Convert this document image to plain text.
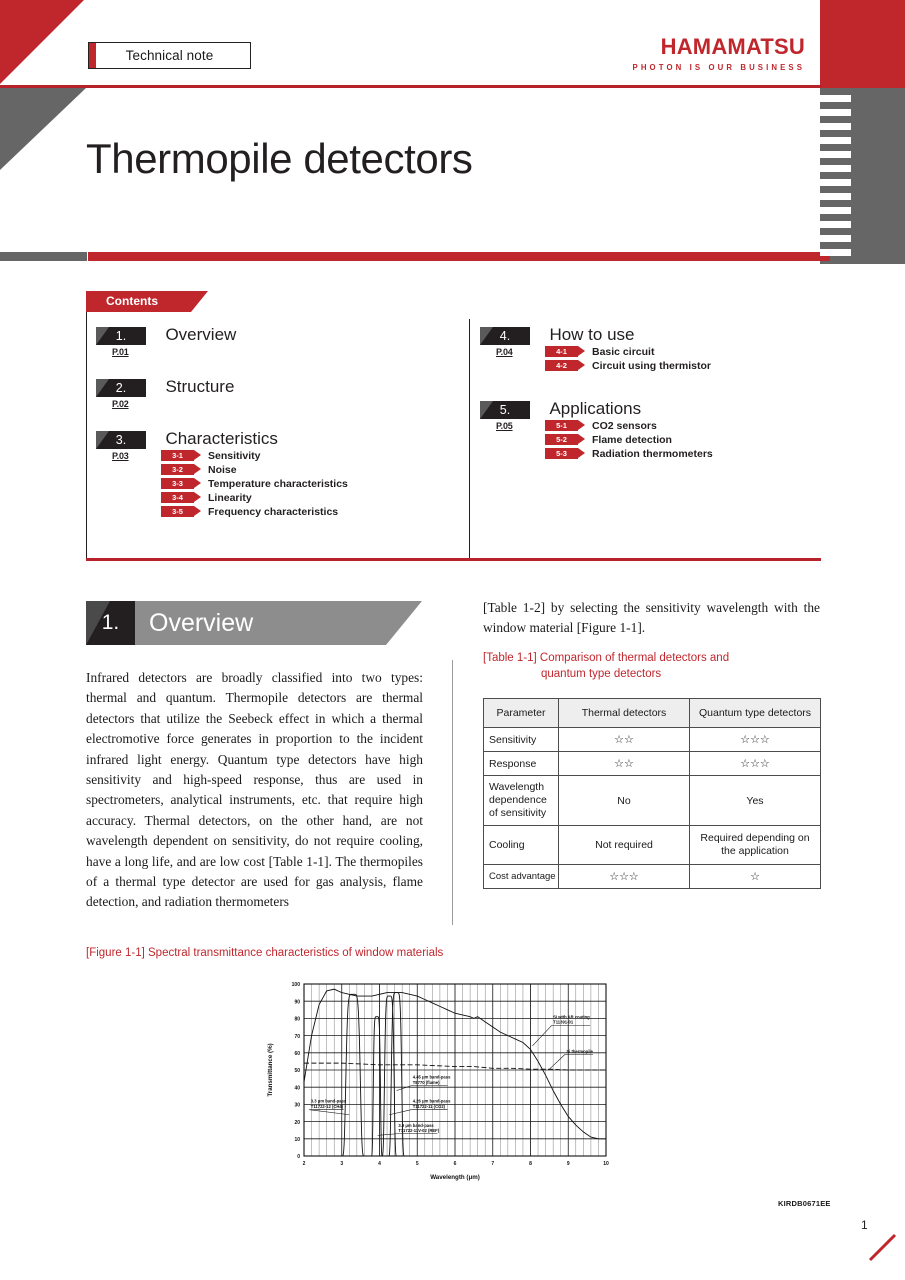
Technical note	HAMAMATSU
PHOTON IS OUR BUSINESS
Thermopile detectors
Contents
1.	Overview
P.01
2.	Structure
P.02
3.	Characteristics
P.03	3-1	Sensitivity
3-2	Noise
3-3	Temperature characteristics
3-4	Linearity
3-5	Frequency characteristics
4.	How to use
P.04	4-1	Basic circuit
4-2	Circuit using thermistor
5.	Applications
P.05	5-1	CO2 sensors
5-2	Flame detection
5-3	Radiation thermometers
1.	Overview
Infrared detectors are broadly classified into two types: thermal and quantum. Thermopile detectors are thermal detectors that utilize the Seebeck effect in which a thermal electromotive force generates in proportion to the incident infrared light energy. Quantum type detectors have high sensitivity and high-speed response, thus are used in spectrometers, analytical instruments, etc. that require high accuracy. Thermal detectors, on the other hand, are not wavelength dependent on sensitivity, do not require cooling, have a long life, and are low cost [Table 1-1]. The thermopiles of a thermal type detector are used for gas analysis, flame detection, and radiation thermometers
[Table 1-2] by selecting the sensitivity wavelength with the window material [Figure 1-1].
[Table 1-1] Comparison of thermal detectors and
quantum type detectors
Parameter	Thermal detectors	Quantum type detectors
Sensitivity	☆☆	☆☆☆
Response	☆☆	☆☆☆
Wavelength dependence of sensitivity	No	Yes
Cooling	Not required	Required depending on the application
Cost advantage	☆☆☆	☆
[Figure 1-1] Spectral transmittance characteristics of window materials
0
10
20
30
40
50
60
70
80
90
100
2	3	4	5	6	7	8	9	10
Wavelength (μm)
Transmittance (%)
Si with AR coating
T11391-01
Si thermopile
4.45 μm band-pass
T8770 (flame)
4.26 μm band-pass
T11722-11 (CO2)
3.9 μm band-pass
T11722-11V-02 (REF)
3.3 μm band-pass
T11722-12 (CH4)
KIRDB0671EE
1
